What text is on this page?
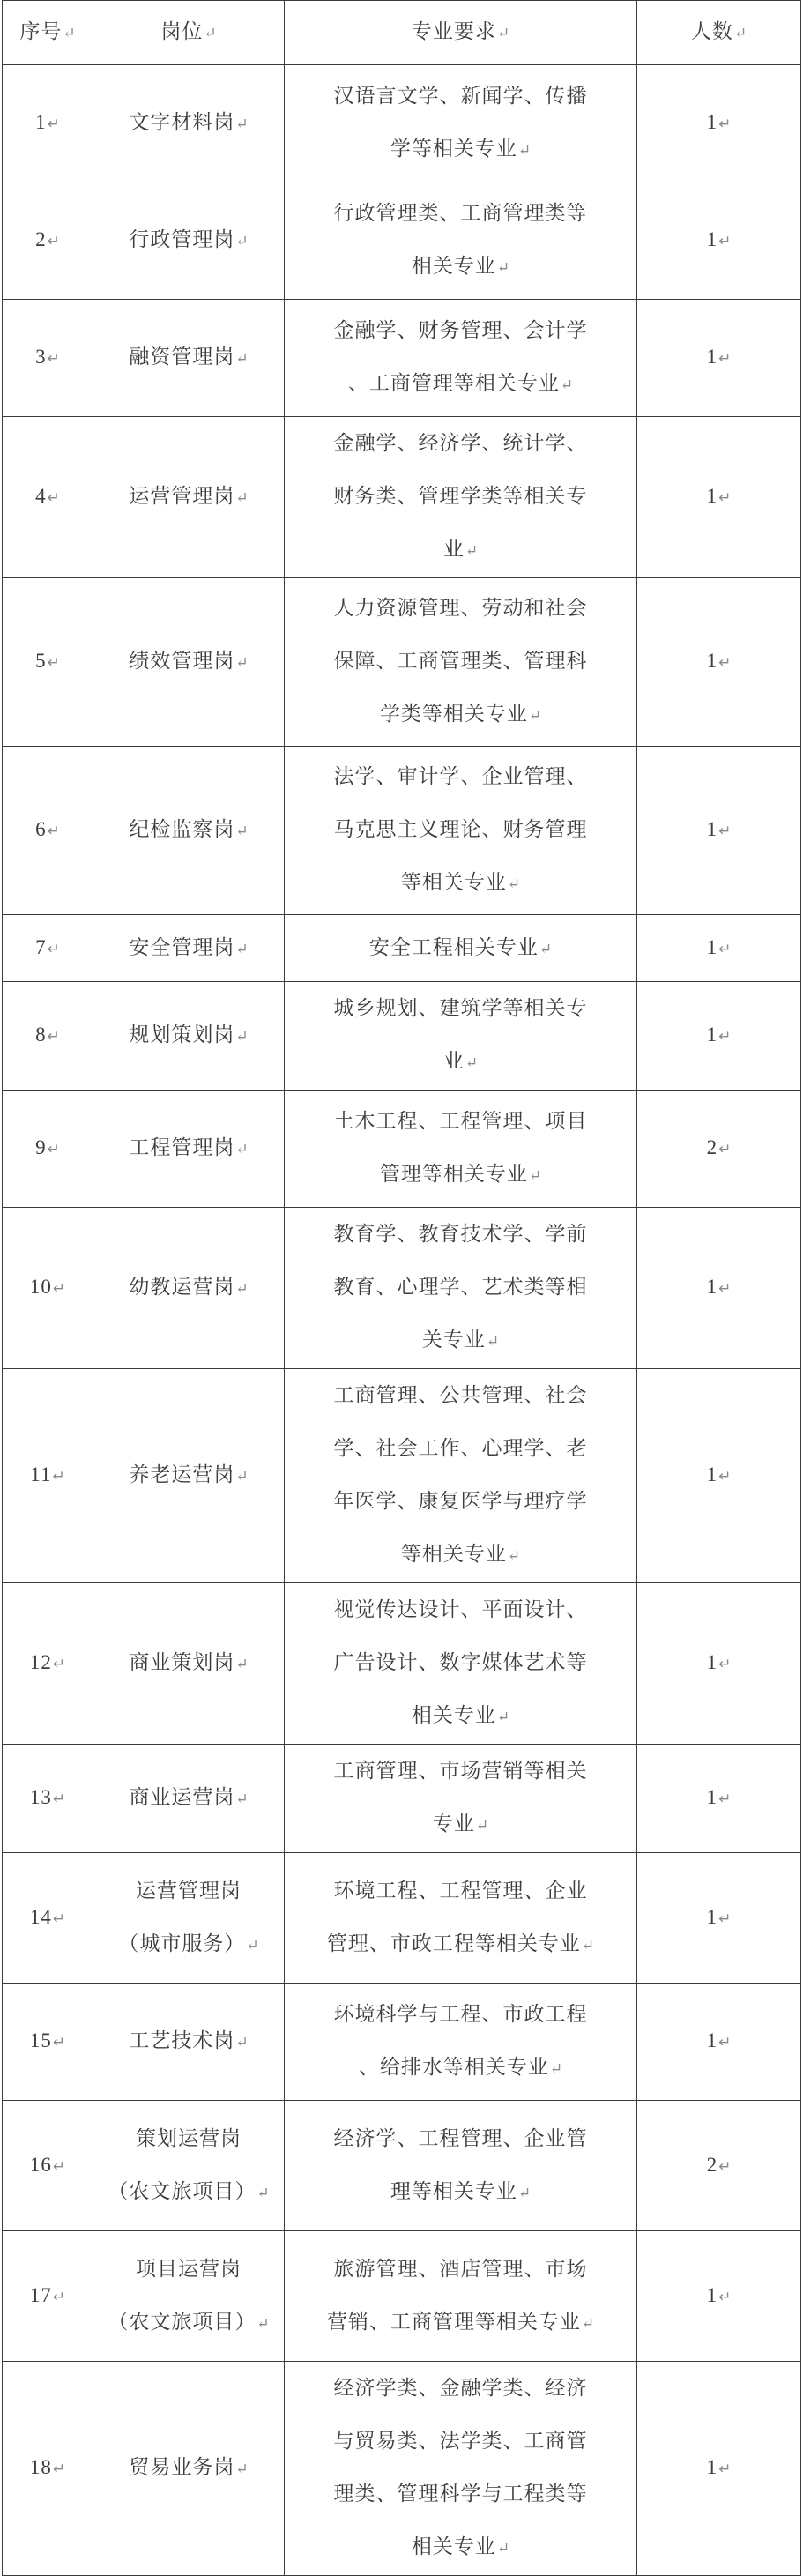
序号↵	岗位↵	专业要求↵	人数↵
1↵	文字材料岗↵	汉语言文学、新闻学、传播
学等相关专业↵	1↵
2↵	行政管理岗↵	行政管理类、工商管理类等
相关专业↵	1↵
3↵	融资管理岗↵	金融学、财务管理、会计学
、工商管理等相关专业↵	1↵
4↵	运营管理岗↵	金融学、经济学、统计学、
财务类、管理学类等相关专
业↵	1↵
5↵	绩效管理岗↵	人力资源管理、劳动和社会
保障、工商管理类、管理科
学类等相关专业↵	1↵
6↵	纪检监察岗↵	法学、审计学、企业管理、
马克思主义理论、财务管理
等相关专业↵	1↵
7↵	安全管理岗↵	安全工程相关专业↵	1↵
8↵	规划策划岗↵	城乡规划、建筑学等相关专
业↵	1↵
9↵	工程管理岗↵	土木工程、工程管理、项目
管理等相关专业↵	2↵
10↵	幼教运营岗↵	教育学、教育技术学、学前
教育、心理学、艺术类等相
关专业↵	1↵
11↵	养老运营岗↵	工商管理、公共管理、社会
学、社会工作、心理学、老
年医学、康复医学与理疗学
等相关专业↵	1↵
12↵	商业策划岗↵	视觉传达设计、平面设计、
广告设计、数字媒体艺术等
相关专业↵	1↵
13↵	商业运营岗↵	工商管理、市场营销等相关
专业↵	1↵
14↵	运营管理岗
（城市服务）↵	环境工程、工程管理、企业
管理、市政工程等相关专业↵	1↵
15↵	工艺技术岗↵	环境科学与工程、市政工程
、给排水等相关专业↵	1↵
16↵	策划运营岗
（农文旅项目）↵	经济学、工程管理、企业管
理等相关专业↵	2↵
17↵	项目运营岗
（农文旅项目）↵	旅游管理、酒店管理、市场
营销、工商管理等相关专业↵	1↵
18↵	贸易业务岗↵	经济学类、金融学类、经济
与贸易类、法学类、工商管
理类、管理科学与工程类等
相关专业↵	1↵
